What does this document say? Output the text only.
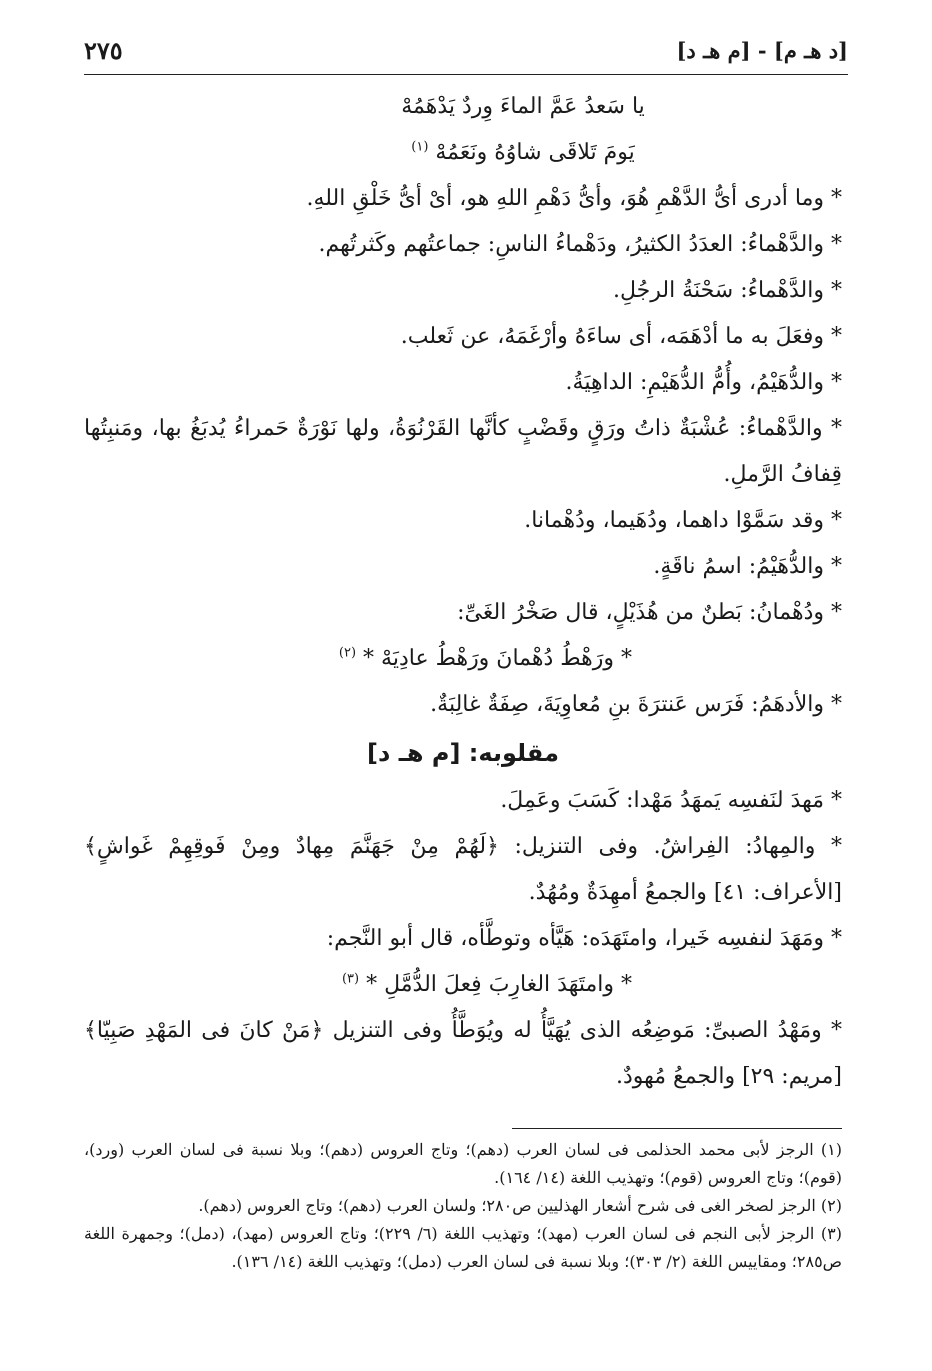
[د هـ م] - [م هـ د]
٢٧٥
يا سَعدُ عَمَّ الماءَ وِردٌ يَدْهَمُهْ
يَومَ تَلاقَى شاوُهُ ونَعَمُهْ $^{(١)}$
* وما أدرى أىُّ الدَّهْمِ هُوَ، وأىُّ دَهْمِ اللهِ هو، أىْ أىُّ خَلْقِ اللهِ.
* والدَّهْماءُ: العدَدُ الكثيرُ، ودَهْماءُ الناسِ: جماعتُهم وكَثرتُهم.
* والدَّهْماءُ: سَحْنَةُ الرجُلِ.
* وفعَلَ به ما أدْهَمَه، أى ساءَهُ وأرْغَمَهُ، عن ثَعلب.
* والدُّهَيْمُ، وأُمُّ الدُّهَيْمِ: الداهِيَةُ.
* والدَّهْماءُ: عُشْبَةٌ ذاتُ ورَقٍ وقَضْبٍ كأنَّها القَرْنُوَةُ، ولها نَوْرَةٌ حَمراءُ يُدبَغُ بها، ومَنبِتُها قِفافُ الرَّملِ.
* وقد سَمَّوْا داهما، ودُهَيما، ودُهْمانا.
* والدُّهَيْمُ: اسمُ ناقَةٍ.
* ودُهْمانُ: بَطنٌ من هُذَيْلٍ، قال صَخْرُ الغَىِّ:
* ورَهْطُ دُهْمانَ ورَهْطُ عادِيَهْ * $^{(٢)}$
* والأدهَمُ: فَرَس عَنترَةَ بنِ مُعاوِيَةَ، صِفَةٌ غالِبَةٌ.
مقلوبه: [م هـ د]
* مَهدَ لنَفسِه يَمهَدُ مَهْدا: كَسَبَ وعَمِلَ.
* والمِهادُ: الفِراشُ. وفى التنزيل: ﴿لَهُمْ مِنْ جَهَنَّمَ مِهادٌ ومِنْ فَوقِهِمْ غَواشٍ﴾ [الأعراف: ٤١] والجمعُ أمهِدَةٌ ومُهُدٌ.
* ومَهَدَ لنفسِه خَيرا، وامتَهَدَه: هَيَّأه وتوطَّأه، قال أبو النَّجم:
* وامتَهَدَ الغارِبَ فِعلَ الدُّمَّلِ * $^{(٣)}$
* ومَهْدُ الصبىِّ: مَوضِعُه الذى يُهَيَّأُ له ويُوَطَّأُ وفى التنزيل ﴿مَنْ كانَ فى المَهْدِ صَبِيّا﴾ [مريم: ٢٩] والجمعُ مُهودٌ.
(١) الرجز لأبى محمد الحذلمى فى لسان العرب (دهم)؛ وتاج العروس (دهم)؛ وبلا نسبة فى لسان العرب (ورد)، (قوم)؛ وتاج العروس (قوم)؛ وتهذيب اللغة (١٤/ ١٦٤).
(٢) الرجز لصخر الغى فى شرح أشعار الهذليين ص٢٨٠؛ ولسان العرب (دهم)؛ وتاج العروس (دهم).
(٣) الرجز لأبى النجم فى لسان العرب (مهد)؛ وتهذيب اللغة (٦/ ٢٢٩)؛ وتاج العروس (مهد)، (دمل)؛ وجمهرة اللغة ص٢٨٥؛ ومقاييس اللغة (٢/ ٣٠٣)؛ وبلا نسبة فى لسان العرب (دمل)؛ وتهذيب اللغة (١٤/ ١٣٦).
